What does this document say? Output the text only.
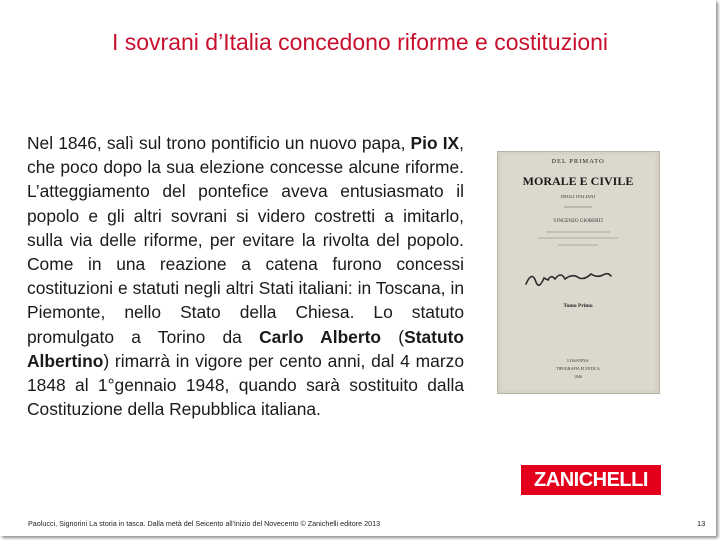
I sovrani d’Italia concedono riforme e costituzioni
Nel 1846, salì sul trono pontificio un nuovo papa, Pio IX, che poco dopo la sua elezione concesse alcune riforme. L’atteggiamento del pontefice aveva entusiasmato il popolo e gli altri sovrani si videro costretti a imitarlo, sulla via delle riforme, per evitare la rivolta del popolo. Come in una reazione a catena furono concessi costituzioni e statuti negli altri Stati italiani: in Toscana, in Piemonte, nello Stato della Chiesa. Lo statuto promulgato a Torino da Carlo Alberto (Statuto Albertino) rimarrà in vigore per cento anni, dal 4 marzo 1848 al 1°gennaio 1948, quando sarà sostituito dalla Costituzione della Repubblica italiana.
DEL PRIMATO
MORALE E CIVILE
DEGLI ITALIANI
VINCENZO GIOBERTI
Tomo Primo
LOSANNA
TIPOGRAFIA ELVETICA
1846
ZANICHELLI
Paolucci, Signorini La storia in tasca. Dalla metà del Seicento all’inizio del Novecento © Zanichelli editore 2013	13
